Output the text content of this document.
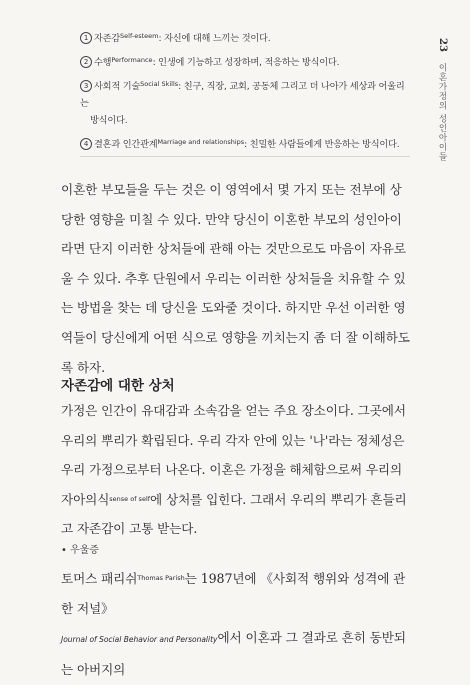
1 자존감$^{Self-esteem}$: 자신에 대해 느끼는 것이다.
2 수행$^{Performance}$: 인생에 기능하고 성장하며, 적응하는 방식이다.
3 사회적 기술$^{Social Skills}$: 친구, 직장, 교회, 공동체 그리고 더 나아가 세상과 어울리는
방식이다.
4 결혼과 인간관계$^{Marriage and relationships}$: 친밀한 사람들에게 반응하는 방식이다.
이혼한 부모들을 두는 것은 이 영역에서 몇 가지 또는 전부에 상당한 영향을 미칠 수 있다. 만약 당신이 이혼한 부모의 성인아이라면 단지 이러한 상처들에 관해 아는 것만으로도 마음이 자유로울 수 있다. 추후 단원에서 우리는 이러한 상처들을 치유할 수 있는 방법을 찾는 데 당신을 도와줄 것이다. 하지만 우선 이러한 영역들이 당신에게 어떤 식으로 영향을 끼치는지 좀 더 잘 이해하도록 하자.
자존감에 대한 상처
가정은 인간이 유대감과 소속감을 얻는 주요 장소이다. 그곳에서 우리의 뿌리가 확립된다. 우리 각자 안에 있는 '나'라는 정체성은 우리 가정으로부터 나온다. 이혼은 가정을 해체함으로써 우리의 자아의식$^{sense of self}$에 상처를 입힌다. 그래서 우리의 뿌리가 흔들리고 자존감이 고통 받는다.
• 우울증
토머스 패리쉬$^{Thomas Parish}$는 1987년에 《사회적 행위와 성격에 관한 저널》
Journal of Social Behavior and Personality에서 이혼과 그 결과로 흔히 동반되는 아버지의
23 이혼가정의 성인아이들
